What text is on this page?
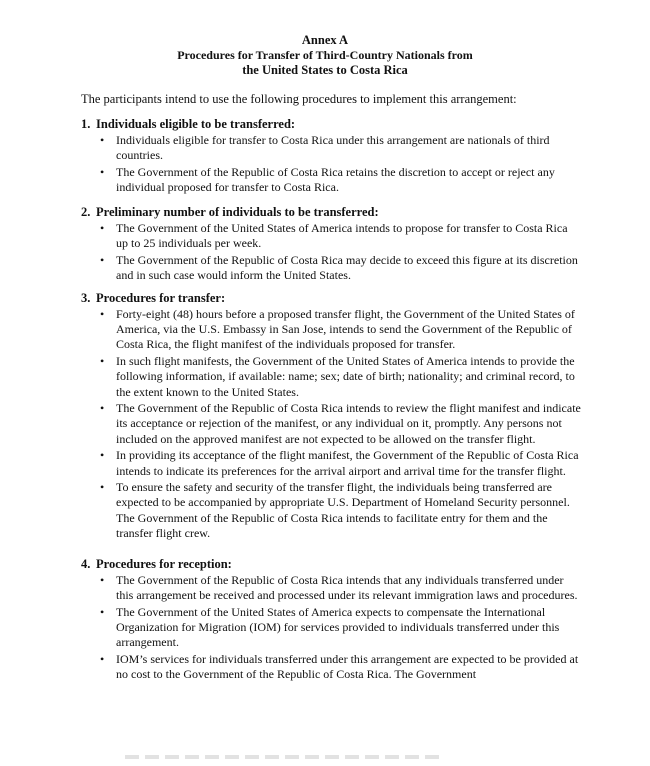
Annex A

Procedures for Transfer of Third-Country Nationals from

the United States to Costa Rica

The participants intend to use the following procedures to implement this arrangement:

1. Individuals eligible to be transferred:

• Individuals eligible for transfer to Costa Rica under this arrangement are nationals of third countries.
• The Government of the Republic of Costa Rica retains the discretion to accept or reject any individual proposed for transfer to Costa Rica.

2. Preliminary number of individuals to be transferred:

• The Government of the United States of America intends to propose for transfer to Costa Rica up to 25 individuals per week.
• The Government of the Republic of Costa Rica may decide to exceed this figure at its discretion and in such case would inform the United States.

3. Procedures for transfer:

• Forty-eight (48) hours before a proposed transfer flight, the Government of the United States of America, via the U.S. Embassy in San Jose, intends to send the Government of the Republic of Costa Rica, the flight manifest of the individuals proposed for transfer.
• In such flight manifests, the Government of the United States of America intends to provide the following information, if available: name; sex; date of birth; nationality; and criminal record, to the extent known to the United States.
• The Government of the Republic of Costa Rica intends to review the flight manifest and indicate its acceptance or rejection of the manifest, or any individual on it, promptly. Any persons not included on the approved manifest are not expected to be allowed on the transfer flight.
• In providing its acceptance of the flight manifest, the Government of the Republic of Costa Rica intends to indicate its preferences for the arrival airport and arrival time for the transfer flight.
• To ensure the safety and security of the transfer flight, the individuals being transferred are expected to be accompanied by appropriate U.S. Department of Homeland Security personnel. The Government of the Republic of Costa Rica intends to facilitate entry for them and the transfer flight crew.

4. Procedures for reception:

• The Government of the Republic of Costa Rica intends that any individuals transferred under this arrangement be received and processed under its relevant immigration laws and procedures.
• The Government of the United States of America expects to compensate the International Organization for Migration (IOM) for services provided to individuals transferred under this arrangement.
• IOM’s services for individuals transferred under this arrangement are expected to be provided at no cost to the Government of the Republic of Costa Rica. The Government
